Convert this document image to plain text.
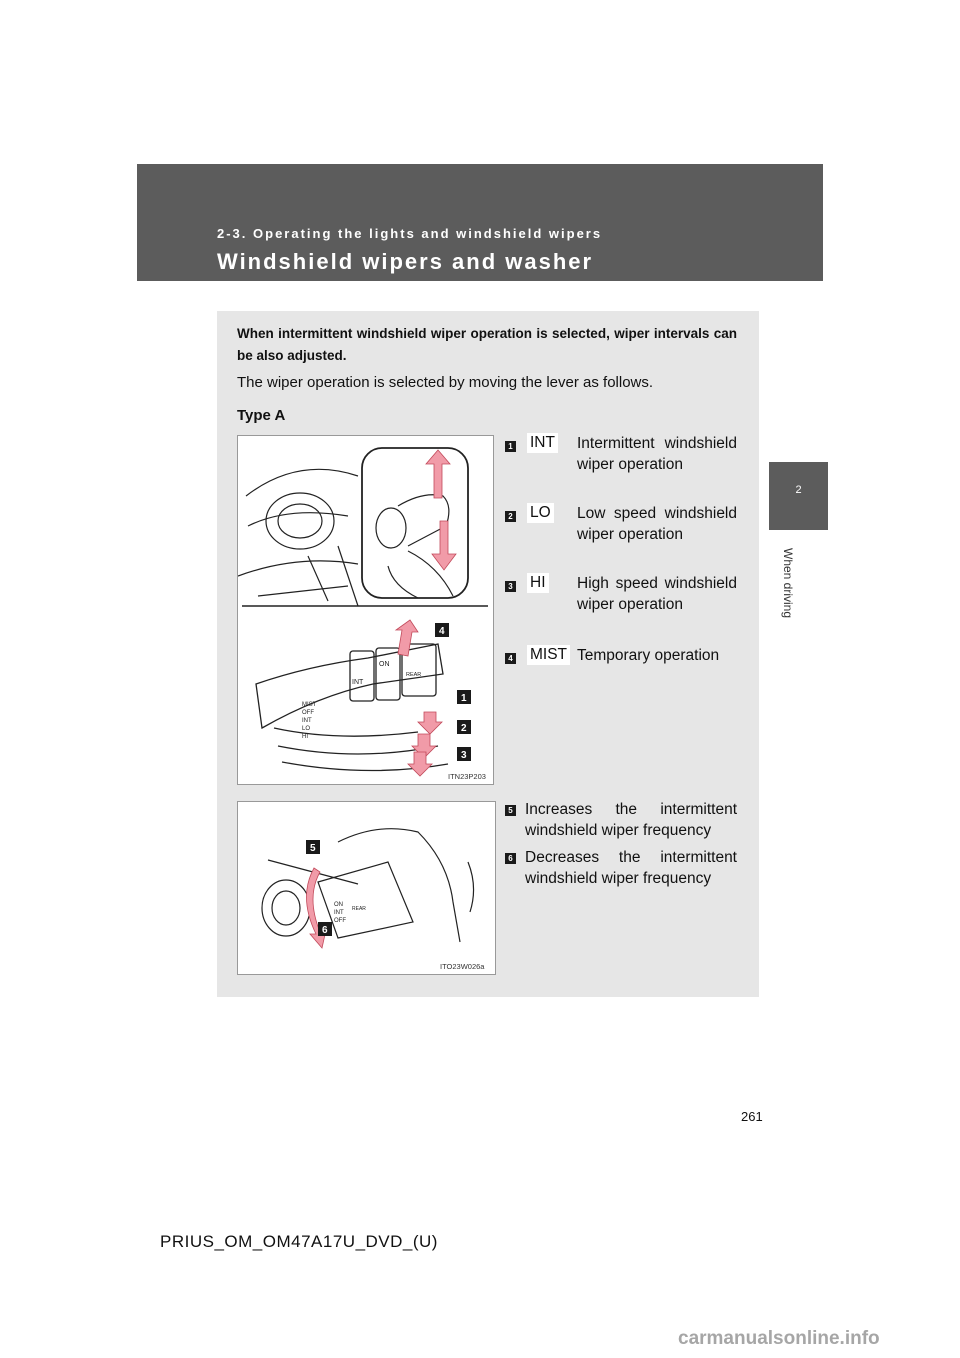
2-3. Operating the lights and windshield wipers
Windshield wipers and washer
2
When driving
When intermittent windshield wiper operation is selected, wiper intervals can be also adjusted.
The wiper operation is selected by moving the lever as follows.
Type A
MIST
OFF
INT
LO
HI
INT
ON
REAR
4
1
2
3
ITN23P203
1 INT Intermittent windshield wiper operation
2 LO Low speed windshield wiper operation
3 HI High speed windshield wiper operation
4 MIST Temporary operation
ON
INT
OFF
REAR
5
6
ITO23W026a
5 Increases the intermittent windshield wiper frequency
6 Decreases the intermittent windshield wiper frequency
261
PRIUS_OM_OM47A17U_DVD_(U)
carmanualsonline.info
